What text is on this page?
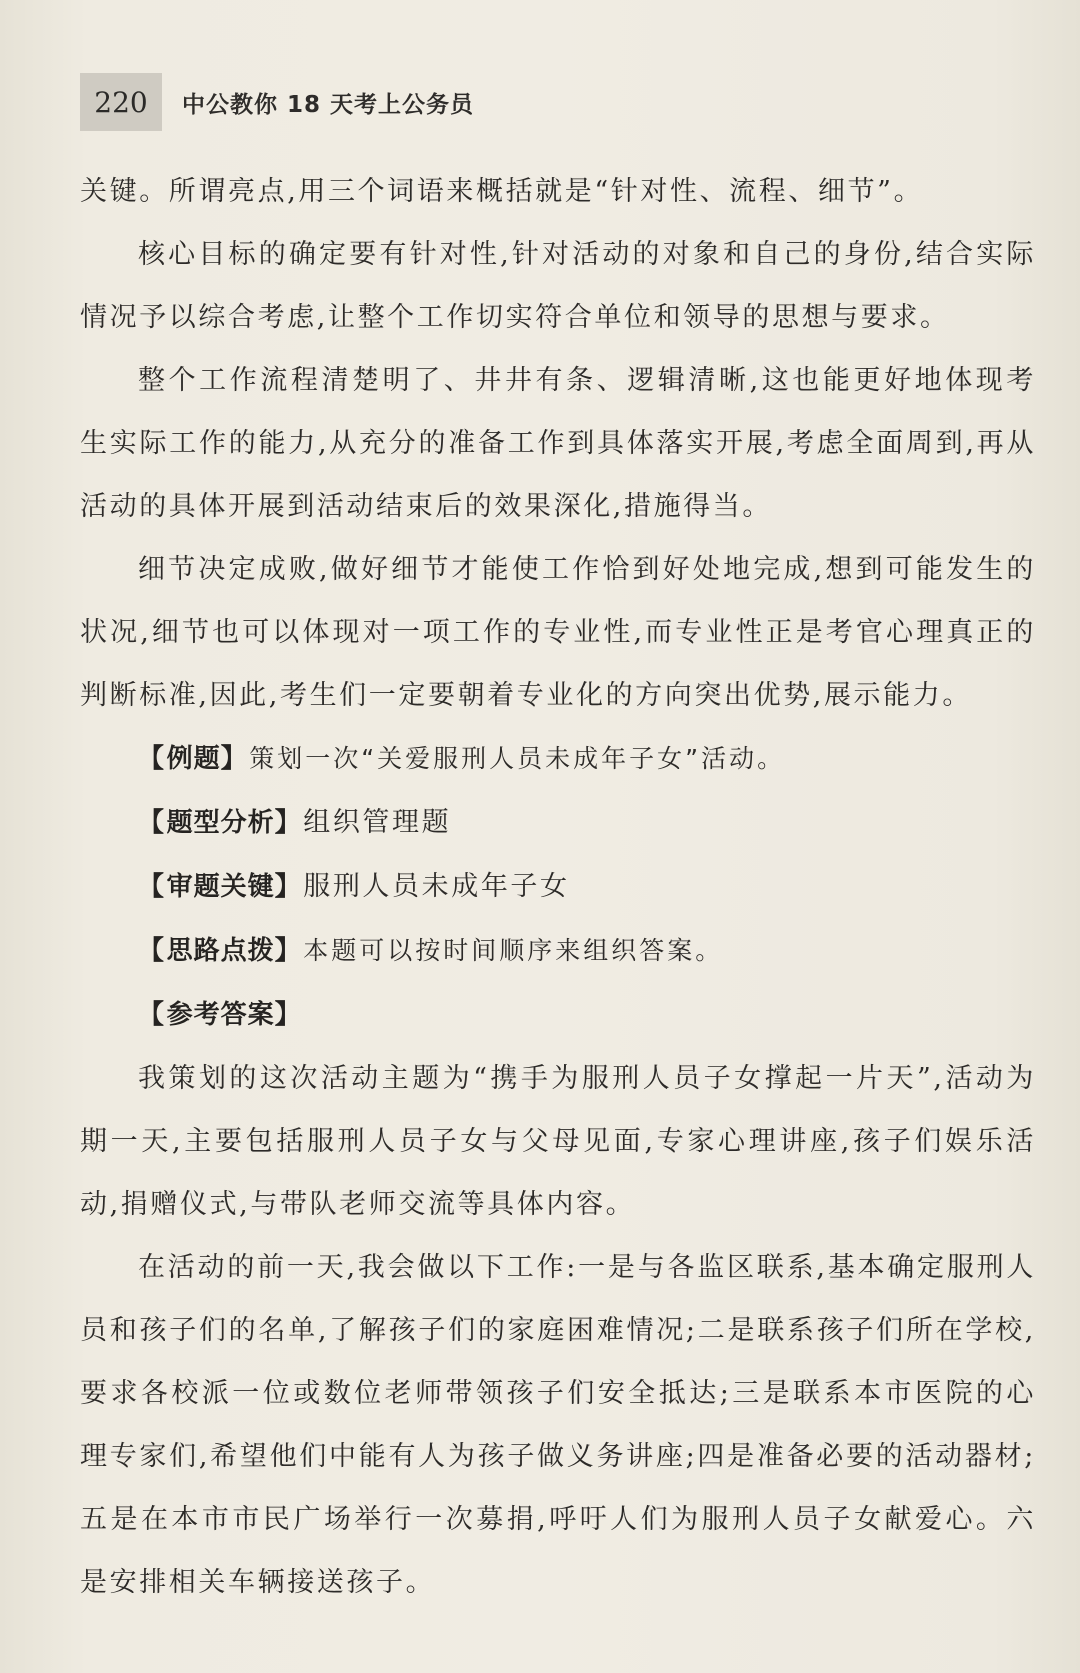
220 中公教你 18 天考上公务员

关键。所谓亮点,用三个词语来概括就是“针对性、流程、细节”。

核心目标的确定要有针对性,针对活动的对象和自己的身份,结合实际情况予以综合考虑,让整个工作切实符合单位和领导的思想与要求。

整个工作流程清楚明了、井井有条、逻辑清晰,这也能更好地体现考生实际工作的能力,从充分的准备工作到具体落实开展,考虑全面周到,再从活动的具体开展到活动结束后的效果深化,措施得当。

细节决定成败,做好细节才能使工作恰到好处地完成,想到可能发生的状况,细节也可以体现对一项工作的专业性,而专业性正是考官心理真正的判断标准,因此,考生们一定要朝着专业化的方向突出优势,展示能力。

【例题】策划一次“关爱服刑人员未成年子女”活动。

【题型分析】组织管理题

【审题关键】服刑人员未成年子女

【思路点拨】本题可以按时间顺序来组织答案。

【参考答案】

我策划的这次活动主题为“携手为服刑人员子女撑起一片天”,活动为期一天,主要包括服刑人员子女与父母见面,专家心理讲座,孩子们娱乐活动,捐赠仪式,与带队老师交流等具体内容。

在活动的前一天,我会做以下工作:一是与各监区联系,基本确定服刑人员和孩子们的名单,了解孩子们的家庭困难情况;二是联系孩子们所在学校,要求各校派一位或数位老师带领孩子们安全抵达;三是联系本市医院的心理专家们,希望他们中能有人为孩子做义务讲座;四是准备必要的活动器材;五是在本市市民广场举行一次募捐,呼吁人们为服刑人员子女献爱心。六是安排相关车辆接送孩子。
